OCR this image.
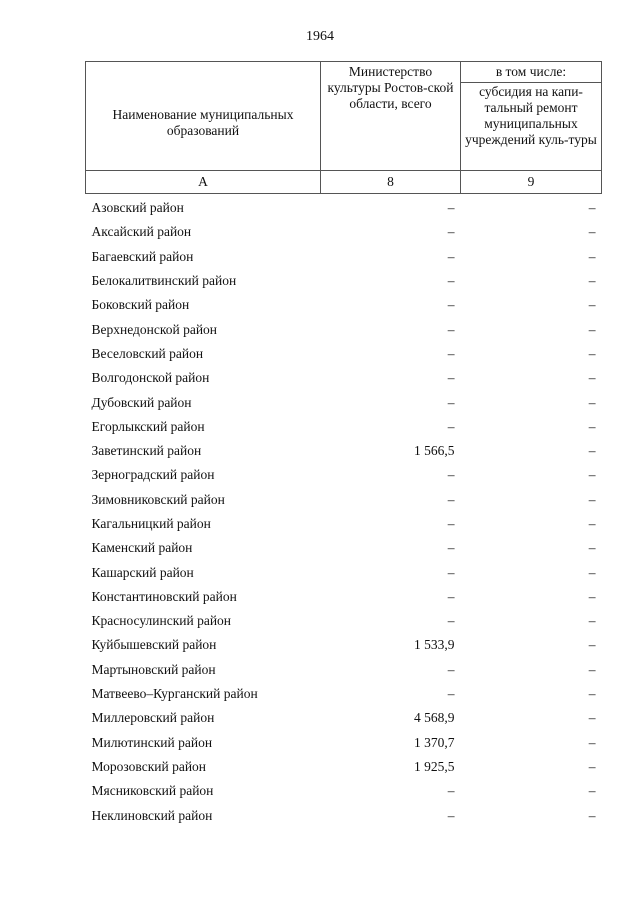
1964
Наименование муниципальных образований	Министерство культуры Ростов-ской области, всего	в том числе:
		субсидия на капи-тальный ремонт муниципальных учреждений куль-туры
А	8	9
Азовский район	–	–
Аксайский район	–	–
Багаевский район	–	–
Белокалитвинский район	–	–
Боковский район	–	–
Верхнедонской район	–	–
Веселовский район	–	–
Волгодонской район	–	–
Дубовский район	–	–
Егорлыкский район	–	–
Заветинский район	1 566,5	–
Зерноградский район	–	–
Зимовниковский район	–	–
Кагальницкий район	–	–
Каменский район	–	–
Кашарский район	–	–
Константиновский район	–	–
Красносулинский район	–	–
Куйбышевский район	1 533,9	–
Мартыновский район	–	–
Матвеево–Курганский район	–	–
Миллеровский район	4 568,9	–
Милютинский район	1 370,7	–
Морозовский район	1 925,5	–
Мясниковский район	–	–
Неклиновский район	–	–
